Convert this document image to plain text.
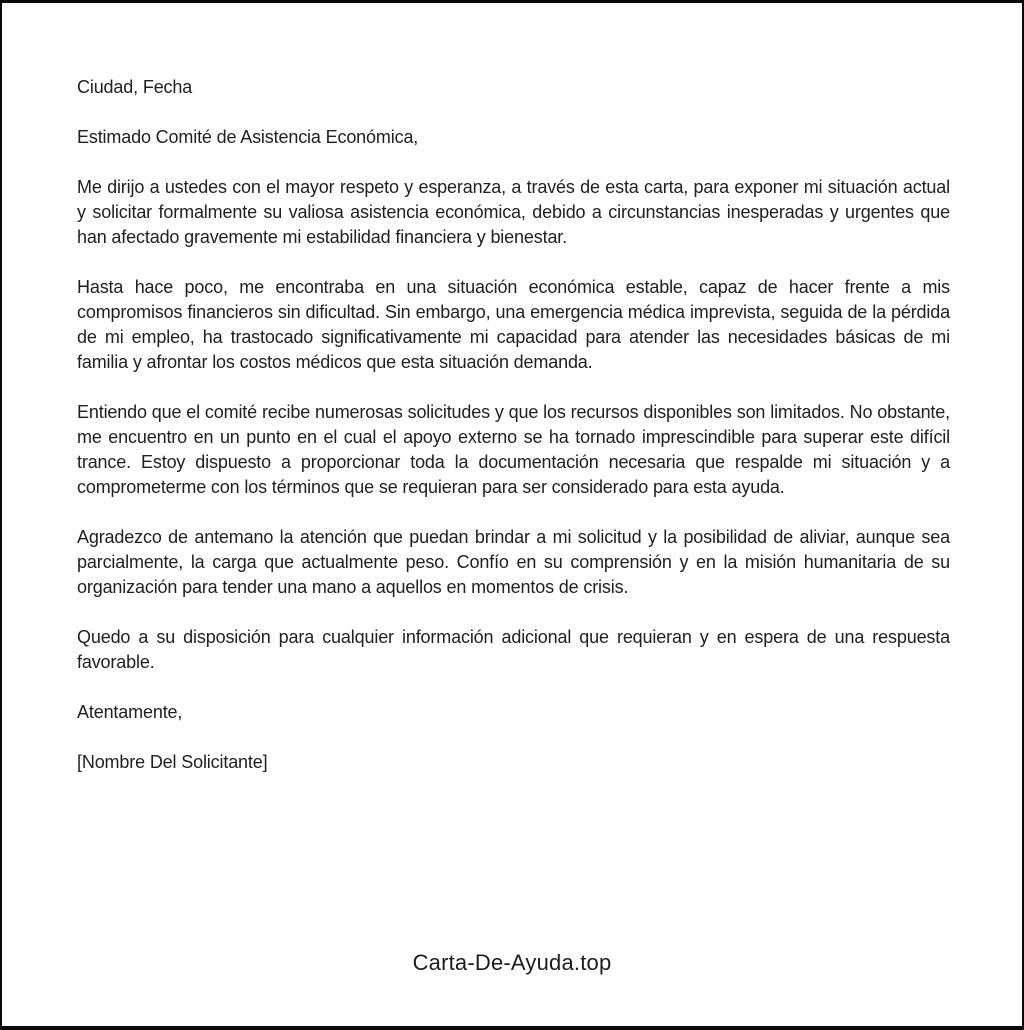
Ciudad, Fecha

Estimado Comité de Asistencia Económica,

Me dirijo a ustedes con el mayor respeto y esperanza, a través de esta carta, para exponer mi situación actual y solicitar formalmente su valiosa asistencia económica, debido a circunstancias inesperadas y urgentes que han afectado gravemente mi estabilidad financiera y bienestar.

Hasta hace poco, me encontraba en una situación económica estable, capaz de hacer frente a mis compromisos financieros sin dificultad. Sin embargo, una emergencia médica imprevista, seguida de la pérdida de mi empleo, ha trastocado significativamente mi capacidad para atender las necesidades básicas de mi familia y afrontar los costos médicos que esta situación demanda.

Entiendo que el comité recibe numerosas solicitudes y que los recursos disponibles son limitados. No obstante, me encuentro en un punto en el cual el apoyo externo se ha tornado imprescindible para superar este difícil trance. Estoy dispuesto a proporcionar toda la documentación necesaria que respalde mi situación y a comprometerme con los términos que se requieran para ser considerado para esta ayuda.

Agradezco de antemano la atención que puedan brindar a mi solicitud y la posibilidad de aliviar, aunque sea parcialmente, la carga que actualmente peso. Confío en su comprensión y en la misión humanitaria de su organización para tender una mano a aquellos en momentos de crisis.

Quedo a su disposición para cualquier información adicional que requieran y en espera de una respuesta favorable.

Atentamente,

[Nombre Del Solicitante]

Carta-De-Ayuda.top
